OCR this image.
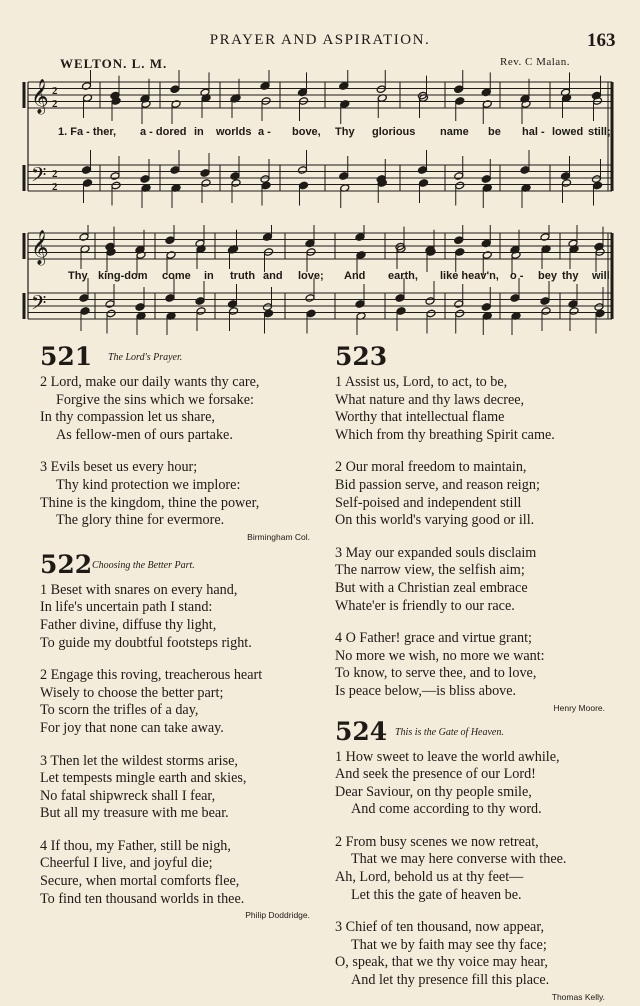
PRAYER AND ASPIRATION.	163
WELTON. L. M.	Rev. C Malan.
𝄞
𝄢
2
2
2
2
𝄞
𝄢
1. Fa - ther, a - dored in worlds a - bove, Thy glorious name be hal - lowed still;
Thy king-dom come in truth and love; And earth, like heav'n, o - bey thy will.
521 The Lord's Prayer.
2 Lord, make our daily wants thy care,
Forgive the sins which we forsake:
In thy compassion let us share,
As fellow-men of ours partake.
3 Evils beset us every hour;
Thy kind protection we implore:
Thine is the kingdom, thine the power,
The glory thine for evermore.
Birmingham Col.
522 Choosing the Better Part.
1 Beset with snares on every hand,
In life's uncertain path I stand:
Father divine, diffuse thy light,
To guide my doubtful footsteps right.
2 Engage this roving, treacherous heart
Wisely to choose the better part;
To scorn the trifles of a day,
For joy that none can take away.
3 Then let the wildest storms arise,
Let tempests mingle earth and skies,
No fatal shipwreck shall I fear,
But all my treasure with me bear.
4 If thou, my Father, still be nigh,
Cheerful I live, and joyful die;
Secure, when mortal comforts flee,
To find ten thousand worlds in thee.
Philip Doddridge.
523
1 Assist us, Lord, to act, to be,
What nature and thy laws decree,
Worthy that intellectual flame
Which from thy breathing Spirit came.
2 Our moral freedom to maintain,
Bid passion serve, and reason reign;
Self-poised and independent still
On this world's varying good or ill.
3 May our expanded souls disclaim
The narrow view, the selfish aim;
But with a Christian zeal embrace
Whate'er is friendly to our race.
4 O Father! grace and virtue grant;
No more we wish, no more we want:
To know, to serve thee, and to love,
Is peace below,—is bliss above.
Henry Moore.
524 This is the Gate of Heaven.
1 How sweet to leave the world awhile,
And seek the presence of our Lord!
Dear Saviour, on thy people smile,
And come according to thy word.
2 From busy scenes we now retreat,
That we may here converse with thee.
Ah, Lord, behold us at thy feet—
Let this the gate of heaven be.
3 Chief of ten thousand, now appear,
That we by faith may see thy face;
O, speak, that we thy voice may hear,
And let thy presence fill this place.
Thomas Kelly.
